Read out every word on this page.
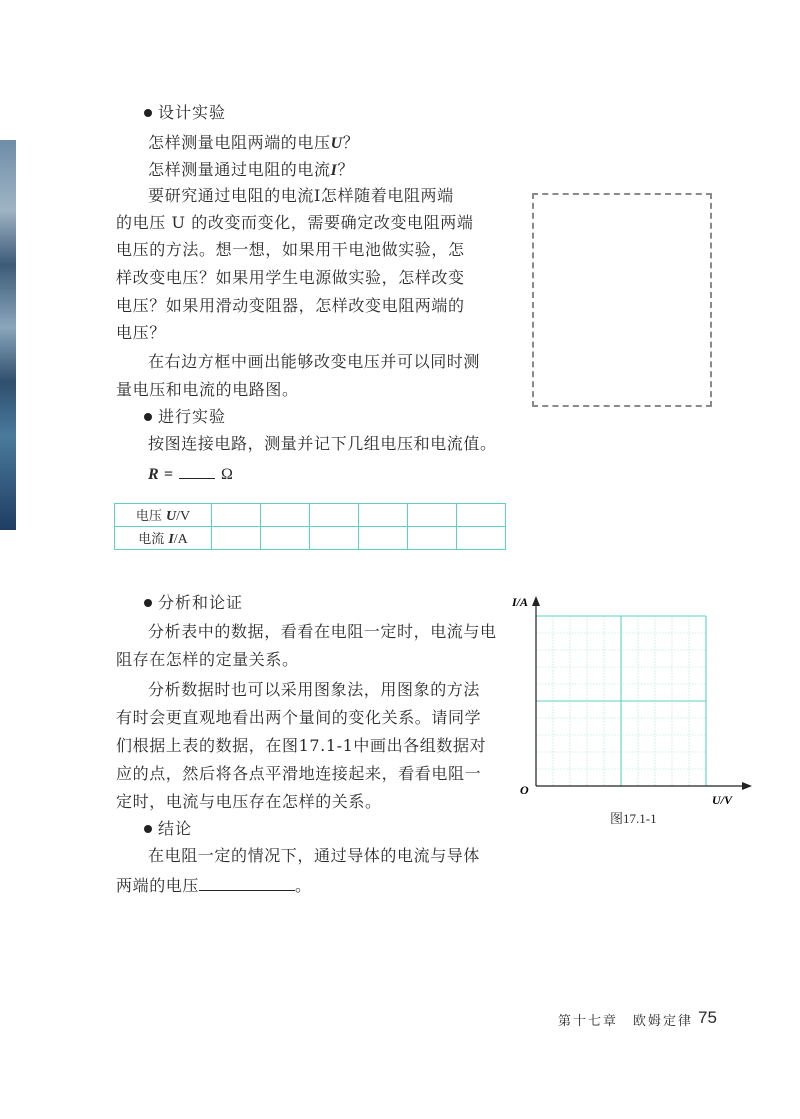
设计实验
怎样测量电阻两端的电压U？
怎样测量通过电阻的电流I？
要研究通过电阻的电流I怎样随着电阻两端
的电压 U 的改变而变化，需要确定改变电阻两端
电压的方法。想一想，如果用干电池做实验，怎
样改变电压？如果用学生电源做实验，怎样改变
电压？如果用滑动变阻器，怎样改变电阻两端的
电压？
在右边方框中画出能够改变电压并可以同时测
量电压和电流的电路图。
进行实验
按图连接电路，测量并记下几组电压和电流值。
R =	Ω
分析和论证
分析表中的数据，看看在电阻一定时，电流与电
阻存在怎样的定量关系。
分析数据时也可以采用图象法，用图象的方法
有时会更直观地看出两个量间的变化关系。请同学
们根据上表的数据，在图17.1-1中画出各组数据对
应的点，然后将各点平滑地连接起来，看看电阻一
定时，电流与电压存在怎样的关系。
结论
在电阻一定的情况下，通过导体的电流与导体
两端的电压	。
电压 U/V						
电流 I/A						
I/A
O
U/V
图17.1-1
第十七章　欧姆定律 75
